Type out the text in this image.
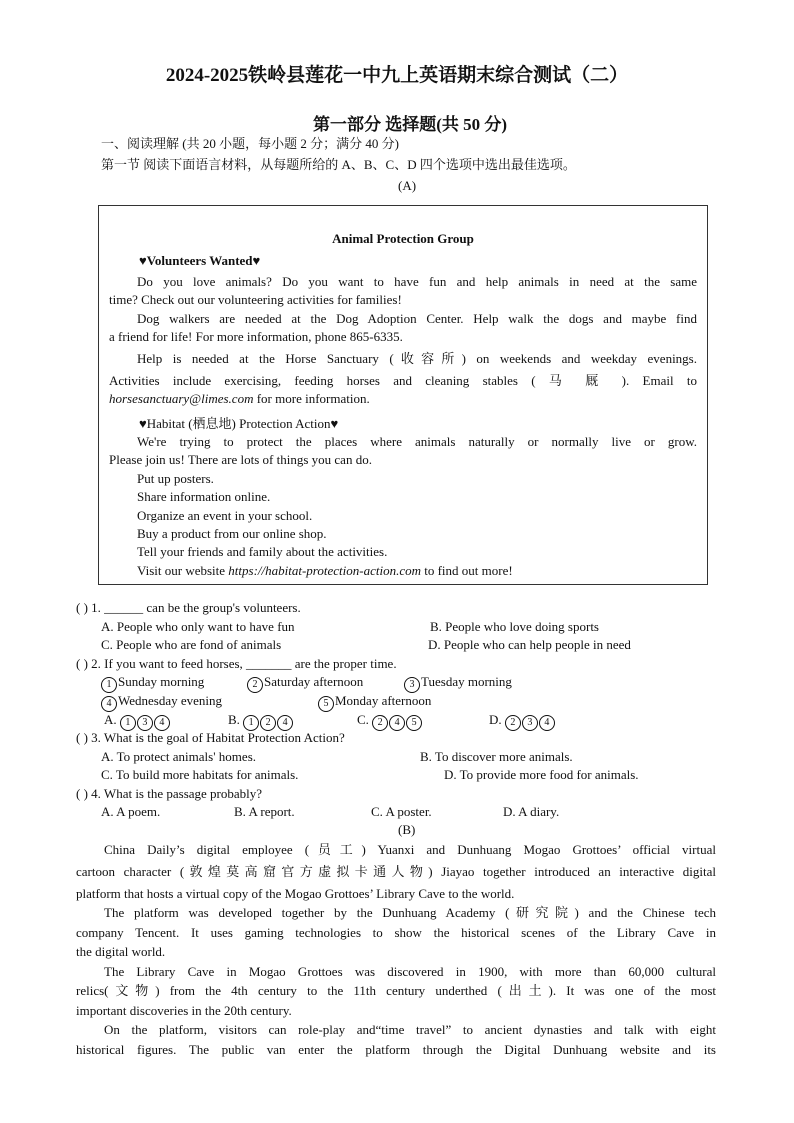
2024-2025铁岭县莲花一中九上英语期末综合测试（二）
第一部分 选择题(共 50 分)
一、阅读理解 (共 20 小题，每小题 2 分；满分 40 分)
第一节 阅读下面语言材料，从每题所给的 A、B、C、D 四个选项中选出最佳选项。
(A)
Animal Protection Group
♥Volunteers Wanted♥
Do you love animals? Do you want to have fun and help animals in need at the same
time? Check out our volunteering activities for families!
Dog walkers are needed at the Dog Adoption Center. Help walk the dogs and maybe find
a friend for life! For more information, phone 865-6335.
Help is needed at the Horse Sanctuary (收容所) on weekends and weekday evenings.
Activities include exercising, feeding horses and cleaning stables ( 马 厩 ). Email to
horsesanctuary@limes.com for more information.
♥Habitat (栖息地) Protection Action♥
We're trying to protect the places where animals naturally or normally live or grow.
Please join us! There are lots of things you can do.
Put up posters.
Share information online.
Organize an event in your school.
Buy a product from our online shop.
Tell your friends and family about the activities.
Visit our website https://habitat-protection-action.com to find out more!
( ) 1. ______ can be the group's volunteers.
A. People who only want to have fun	B. People who love doing sports
C. People who are fond of animals	D. People who can help people in need
( ) 2. If you want to feed horses, _______ are the proper time.
1 Sunday morning	2 Saturday afternoon	3 Tuesday morning
4 Wednesday evening	5 Monday afternoon
A. 1 3 4	B. 1 2 4	C. 2 4 5	D. 2 3 4
( ) 3. What is the goal of Habitat Protection Action?
A. To protect animals' homes.	B. To discover more animals.
C. To build more habitats for animals.	D. To provide more food for animals.
( ) 4. What is the passage probably?
A. A poem.	B. A report.	C. A poster.	D. A diary.
(B)
China Daily’s digital employee (员工) Yuanxi and Dunhuang Mogao Grottoes’ official virtual
cartoon character (敦煌莫高窟官方虚拟卡通人物) Jiayao together introduced an interactive digital
platform that hosts a virtual copy of the Mogao Grottoes’ Library Cave to the world.
The platform was developed together by the Dunhuang Academy (研究院) and the Chinese tech
company Tencent. It uses gaming technologies to show the historical scenes of the Library Cave in
the digital world.
The Library Cave in Mogao Grottoes was discovered in 1900, with more than 60,000 cultural
relics(文物) from the 4th century to the 11th century underthed (出土). It was one of the most
important discoveries in the 20th century.
On the platform, visitors can role-play and“time travel” to ancient dynasties and talk with eight
historical figures. The public van enter the platform through the Digital Dunhuang website and its
